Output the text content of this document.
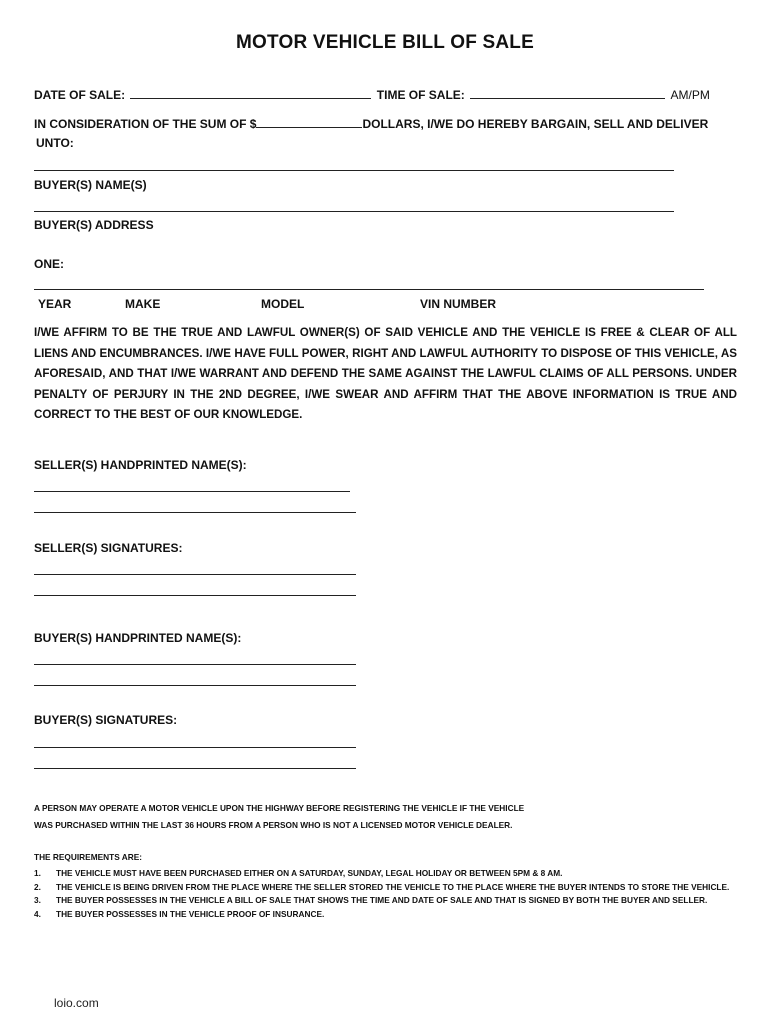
MOTOR VEHICLE BILL OF SALE
DATE OF SALE:	TIME OF SALE:	AM/PM
IN CONSIDERATION OF THE SUM OF $	DOLLARS, I/WE DO HEREBY BARGAIN, SELL AND DELIVER
UNTO:
BUYER(S) NAME(S)
BUYER(S) ADDRESS
ONE:
YEAR	MAKE	MODEL	VIN NUMBER
I/WE AFFIRM TO BE THE TRUE AND LAWFUL OWNER(S) OF SAID VEHICLE AND THE VEHICLE IS FREE & CLEAR OF ALL LIENS AND ENCUMBRANCES. I/WE HAVE FULL POWER, RIGHT AND LAWFUL AUTHORITY TO DISPOSE OF THIS VEHICLE, AS AFORESAID, AND THAT I/WE WARRANT AND DEFEND THE SAME AGAINST THE LAWFUL CLAIMS OF ALL PERSONS. UNDER PENALTY OF PERJURY IN THE 2ND DEGREE, I/WE SWEAR AND AFFIRM THAT THE ABOVE INFORMATION IS TRUE AND CORRECT TO THE BEST OF OUR KNOWLEDGE.
SELLER(S) HANDPRINTED NAME(S):
SELLER(S) SIGNATURES:
BUYER(S) HANDPRINTED NAME(S):
BUYER(S) SIGNATURES:
A PERSON MAY OPERATE A MOTOR VEHICLE UPON THE HIGHWAY BEFORE REGISTERING THE VEHICLE IF THE VEHICLE
WAS PURCHASED WITHIN THE LAST 36 HOURS FROM A PERSON WHO IS NOT A LICENSED MOTOR VEHICLE DEALER.
THE REQUIREMENTS ARE:
1.	THE VEHICLE MUST HAVE BEEN PURCHASED EITHER ON A SATURDAY, SUNDAY, LEGAL HOLIDAY OR BETWEEN 5PM & 8 AM.
2.	THE VEHICLE IS BEING DRIVEN FROM THE PLACE WHERE THE SELLER STORED THE VEHICLE TO THE PLACE WHERE THE BUYER INTENDS TO STORE THE VEHICLE.
3.	THE BUYER POSSESSES IN THE VEHICLE A BILL OF SALE THAT SHOWS THE TIME AND DATE OF SALE AND THAT IS SIGNED BY BOTH THE BUYER AND SELLER.
4.	THE BUYER POSSESSES IN THE VEHICLE PROOF OF INSURANCE.
loio.com
